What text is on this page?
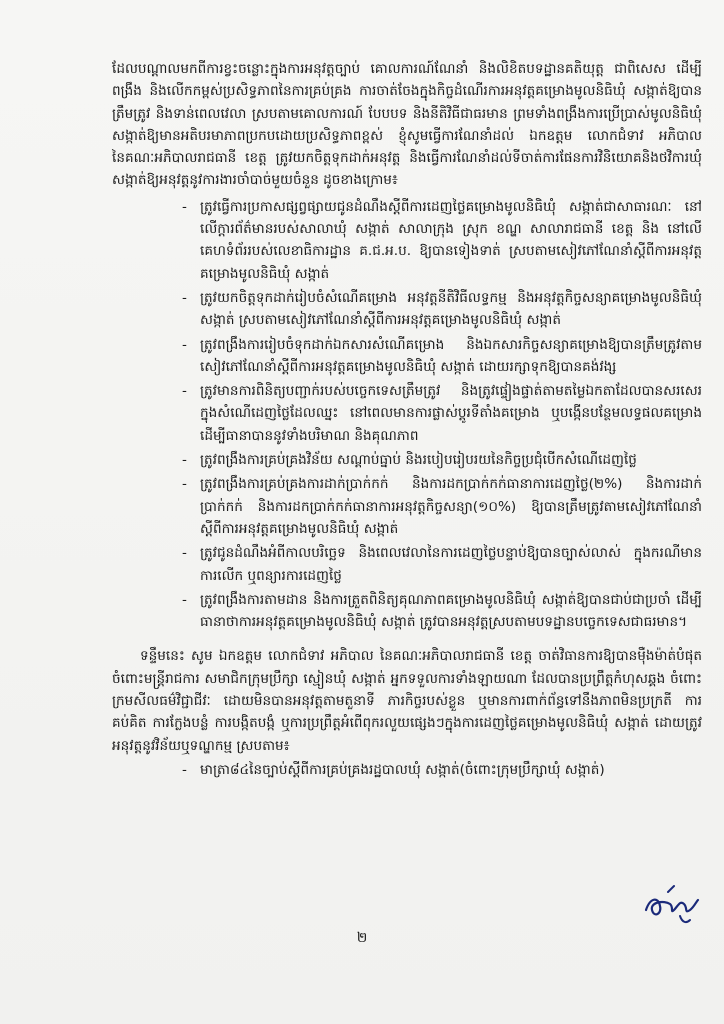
ដែលបណ្ដាលមកពីការខ្វះចន្លោះក្នុងការអនុវត្តច្បាប់ គោលការណ៍ណែនាំ និងលិខិតបទដ្ឋានគតិយុត្ត ជាពិសេស ដើម្បីពង្រឹង និងលើកកម្ពស់ប្រសិទ្ធភាពនៃការគ្រប់គ្រង ការចាត់ចែងក្នុងកិច្ចដំណើរការអនុវត្តគម្រោងមូលនិធិឃុំ សង្កាត់ឱ្យបានត្រឹមត្រូវ និងទាន់ពេលវេលា ស្របតាមគោលការណ៍ បែបបទ និងនីតិវិធីជាធរមាន ព្រមទាំងពង្រឹងការប្រើប្រាស់មូលនិធិឃុំ សង្កាត់ឱ្យមានអតិបរមាភាពប្រកបដោយប្រសិទ្ធភាពខ្ពស់ ខ្ញុំសូមធ្វើការណែនាំដល់ ឯកឧត្តម លោកជំទាវ អភិបាល នៃគណៈអភិបាលរាជធានី ខេត្ត ត្រូវយកចិត្តទុកដាក់អនុវត្ត និងធ្វើការណែនាំដល់ទីចាត់ការផែនការវិនិយោគនិងថវិការឃុំ សង្កាត់ឱ្យអនុវត្តនូវការងារចាំបាច់មួយចំនួន ដូចខាងក្រោម៖

- ត្រូវធ្វើការប្រកាសផ្សព្វផ្សាយជូនដំណឹងស្ដីពីការដេញថ្លៃគម្រោងមូលនិធិឃុំ សង្កាត់ជាសាធារណៈ នៅលើក្ដារព័ត៌មានរបស់សាលាឃុំ សង្កាត់ សាលាក្រុង ស្រុក ខណ្ឌ សាលារាជធានី ខេត្ត និង នៅលើគេហទំព័ររបស់លេខាធិការដ្ឋាន គ.ជ.អ.ប. ឱ្យបានទៀងទាត់ ស្របតាមសៀវភៅណែនាំស្ដីពីការអនុវត្តគម្រោងមូលនិធិឃុំ សង្កាត់
- ត្រូវយកចិត្តទុកដាក់រៀបចំសំណើគម្រោង អនុវត្តនីតិវិធីលទ្ធកម្ម និងអនុវត្តកិច្ចសន្យាគម្រោងមូលនិធិឃុំ សង្កាត់ ស្របតាមសៀវភៅណែនាំស្ដីពីការអនុវត្តគម្រោងមូលនិធិឃុំ សង្កាត់
- ត្រូវពង្រឹងការរៀបចំទុកដាក់ឯកសារសំណើគម្រោង និងឯកសារកិច្ចសន្យាគម្រោងឱ្យបានត្រឹមត្រូវតាមសៀវភៅណែនាំស្ដីពីការអនុវត្តគម្រោងមូលនិធិឃុំ សង្កាត់ ដោយរក្សាទុកឱ្យបានគង់វង្ស
- ត្រូវមានការពិនិត្យបញ្ជាក់របស់បច្ចេកទេសត្រឹមត្រូវ និងត្រូវផ្ទៀងផ្ទាត់តាមតម្លៃឯកតាដែលបានសរសេរក្នុងសំណើដេញថ្លៃដែលឈ្នះ នៅពេលមានការផ្លាស់ប្ដូរទីតាំងគម្រោង ឬបង្កើនបន្ថែមលទ្ធផលគម្រោងដើម្បីធានាបាននូវទាំងបរិមាណ និងគុណភាព
- ត្រូវពង្រឹងការគ្រប់គ្រងវិន័យ សណ្ដាប់ធ្នាប់ និងរបៀបរៀបរយនៃកិច្ចប្រជុំបើកសំណើដេញថ្លៃ
- ត្រូវពង្រឹងការគ្រប់គ្រងការដាក់ប្រាក់កក់ និងការដកប្រាក់កក់ធានាការដេញថ្លៃ(២%) និងការដាក់ប្រាក់កក់ និងការដកប្រាក់កក់ធានាការអនុវត្តកិច្ចសន្យា(១០%) ឱ្យបានត្រឹមត្រូវតាមសៀវភៅណែនាំស្ដីពីការអនុវត្តគម្រោងមូលនិធិឃុំ សង្កាត់
- ត្រូវជូនដំណឹងអំពីកាលបរិច្ឆេទ និងពេលវេលានៃការដេញថ្លៃបន្ទាប់ឱ្យបានច្បាស់លាស់ ក្នុងករណីមានការលើក ឬពន្យារការដេញថ្លៃ
- ត្រូវពង្រឹងការតាមដាន និងការត្រួតពិនិត្យគុណភាពគម្រោងមូលនិធិឃុំ សង្កាត់ឱ្យបានជាប់ជាប្រចាំ ដើម្បីធានាថាការអនុវត្តគម្រោងមូលនិធិឃុំ សង្កាត់ ត្រូវបានអនុវត្តស្របតាមបទដ្ឋានបច្ចេកទេសជាធរមាន។

ទន្ទឹមនេះ សូម ឯកឧត្តម លោកជំទាវ អភិបាល នៃគណៈអភិបាលរាជធានី ខេត្ត ចាត់វិធានការឱ្យបានម៉ឺងម៉ាត់បំផុត ចំពោះមន្ត្រីរាជការ សមាជិកក្រុមប្រឹក្សា ស្មៀនឃុំ សង្កាត់ អ្នកទទួលការទាំងឡាយណា ដែលបានប្រព្រឹត្តកំហុសឆ្គង ចំពោះក្រមសីលធម៌វិជ្ជាជីវៈ ដោយមិនបានអនុវត្តតាមតួនាទី ភារកិច្ចរបស់ខ្លួន ឬមានការពាក់ព័ន្ធទៅនឹងភាពមិនប្រក្រតី ការគប់គិត ការក្លែងបន្លំ ការបង្កិតបង្កំ ឬការប្រព្រឹត្តអំពើពុករលួយផ្សេងៗក្នុងការដេញថ្លៃគម្រោងមូលនិធិឃុំ សង្កាត់ ដោយត្រូវអនុវត្តនូវវិន័យឬទណ្ឌកម្ម ស្របតាម៖

- មាត្រា៨៤នៃច្បាប់ស្ដីពីការគ្រប់គ្រងរដ្ឋបាលឃុំ សង្កាត់(ចំពោះក្រុមប្រឹក្សាឃុំ សង្កាត់)
២
